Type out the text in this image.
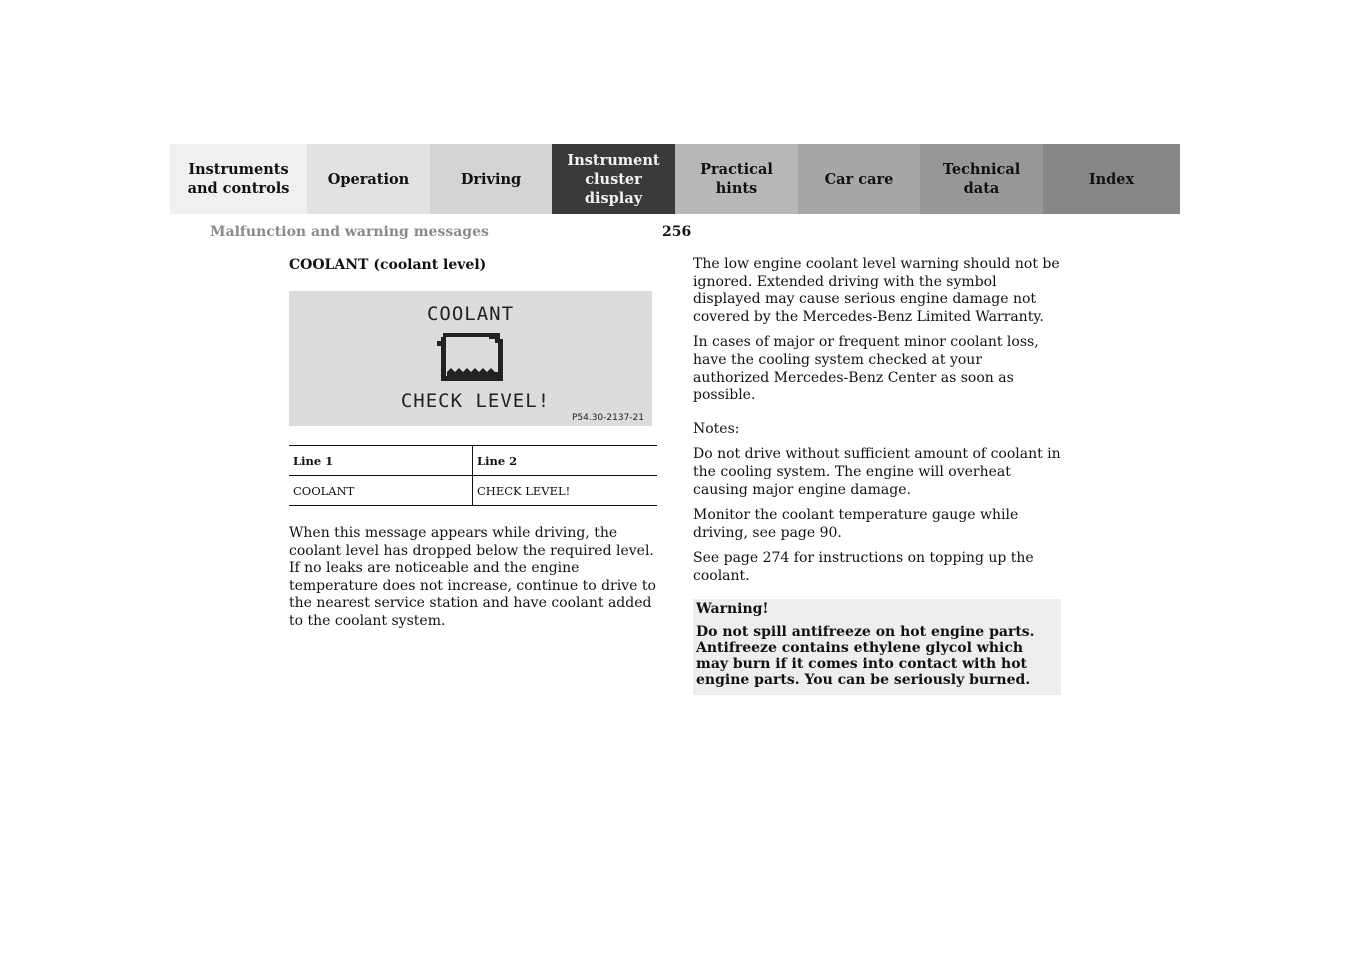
Instruments
and controls
Operation	Driving
Instrument
cluster display
Practical hints
Car care
Technical
data
Index
Malfunction and warning messages	256
COOLANT (coolant level)
COOLANT
CHECK LEVEL!
P54.30-2137-21
Line 1	Line 2
COOLANT	CHECK LEVEL!

When this message appears while driving, the coolant level has dropped below the required level. If no leaks are noticeable and the engine temperature does not increase, continue to drive to the nearest service station and have coolant added to the coolant system.

The low engine coolant level warning should not be ignored. Extended driving with the symbol displayed may cause serious engine damage not covered by the Mercedes-Benz Limited Warranty.

In cases of major or frequent minor coolant loss, have the cooling system checked at your authorized Mercedes-Benz Center as soon as possible.

Notes:

Do not drive without sufficient amount of coolant in the cooling system. The engine will overheat causing major engine damage.

Monitor the coolant temperature gauge while driving, see page 90.

See page 274 for instructions on topping up the coolant.

Warning!
Do not spill antifreeze on hot engine parts. Antifreeze contains ethylene glycol which may burn if it comes into contact with hot engine parts. You can be seriously burned.
